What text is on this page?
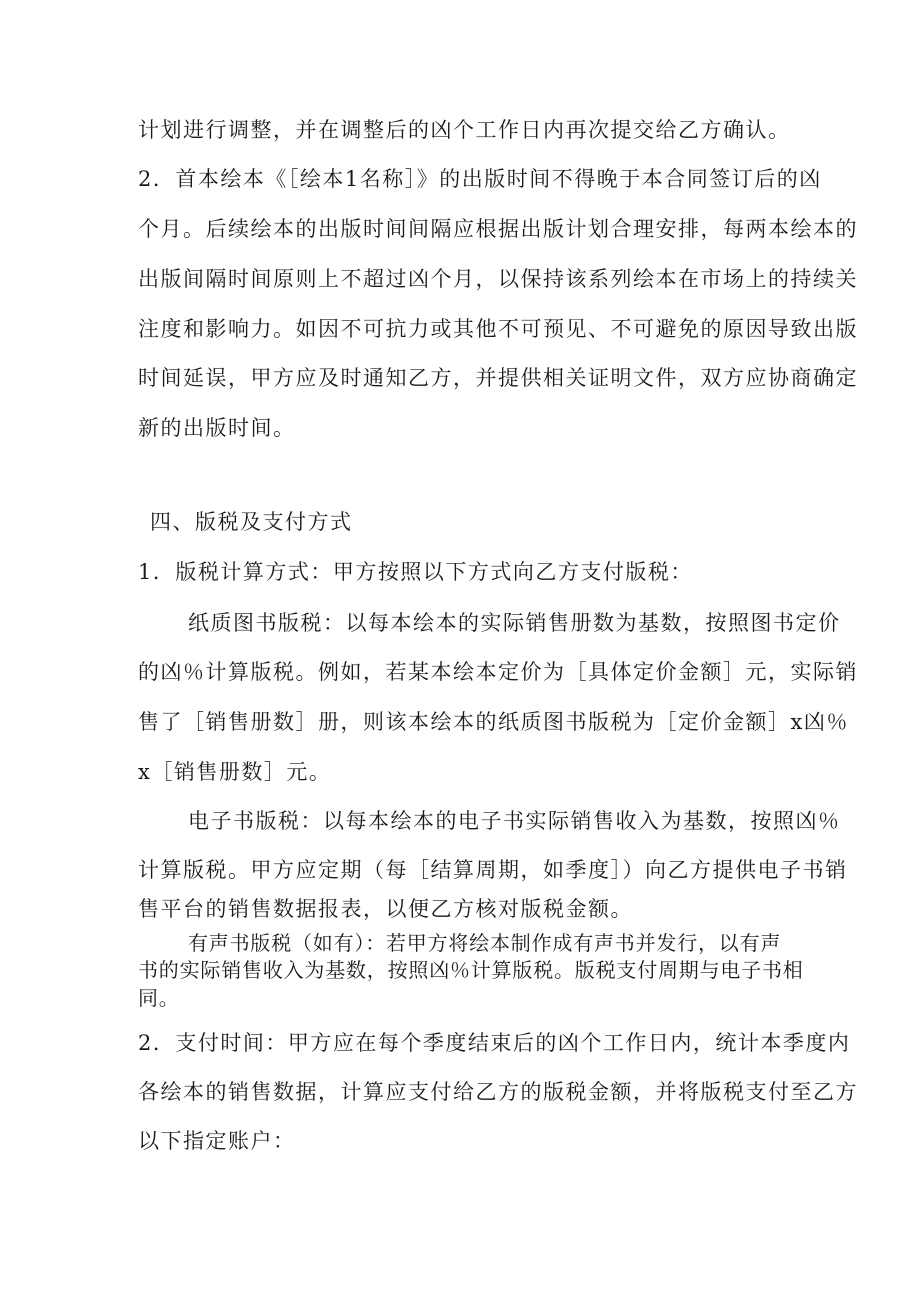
计划进行调整，并在调整后的凶个工作日内再次提交给乙方确认。
2．首本绘本《［绘本1名称］》的出版时间不得晚于本合同签订后的凶
个月。后续绘本的出版时间间隔应根据出版计划合理安排，每两本绘本的
出版间隔时间原则上不超过凶个月，以保持该系列绘本在市场上的持续关
注度和影响力。如因不可抗力或其他不可预见、不可避免的原因导致出版
时间延误，甲方应及时通知乙方，并提供相关证明文件，双方应协商确定
新的出版时间。
四、版税及支付方式
1．版税计算方式：甲方按照以下方式向乙方支付版税：
纸质图书版税：以每本绘本的实际销售册数为基数，按照图书定价
的凶％计算版税。例如，若某本绘本定价为［具体定价金额］元，实际销
售了［销售册数］册，则该本绘本的纸质图书版税为［定价金额］x凶％
x［销售册数］元。
电子书版税：以每本绘本的电子书实际销售收入为基数，按照凶％
计算版税。甲方应定期（每［结算周期，如季度］）向乙方提供电子书销
售平台的销售数据报表，以便乙方核对版税金额。
有声书版税（如有）：若甲方将绘本制作成有声书并发行，以有声
书的实际销售收入为基数，按照凶％计算版税。版税支付周期与电子书相
同。
2．支付时间：甲方应在每个季度结束后的凶个工作日内，统计本季度内
各绘本的销售数据，计算应支付给乙方的版税金额，并将版税支付至乙方
以下指定账户：
